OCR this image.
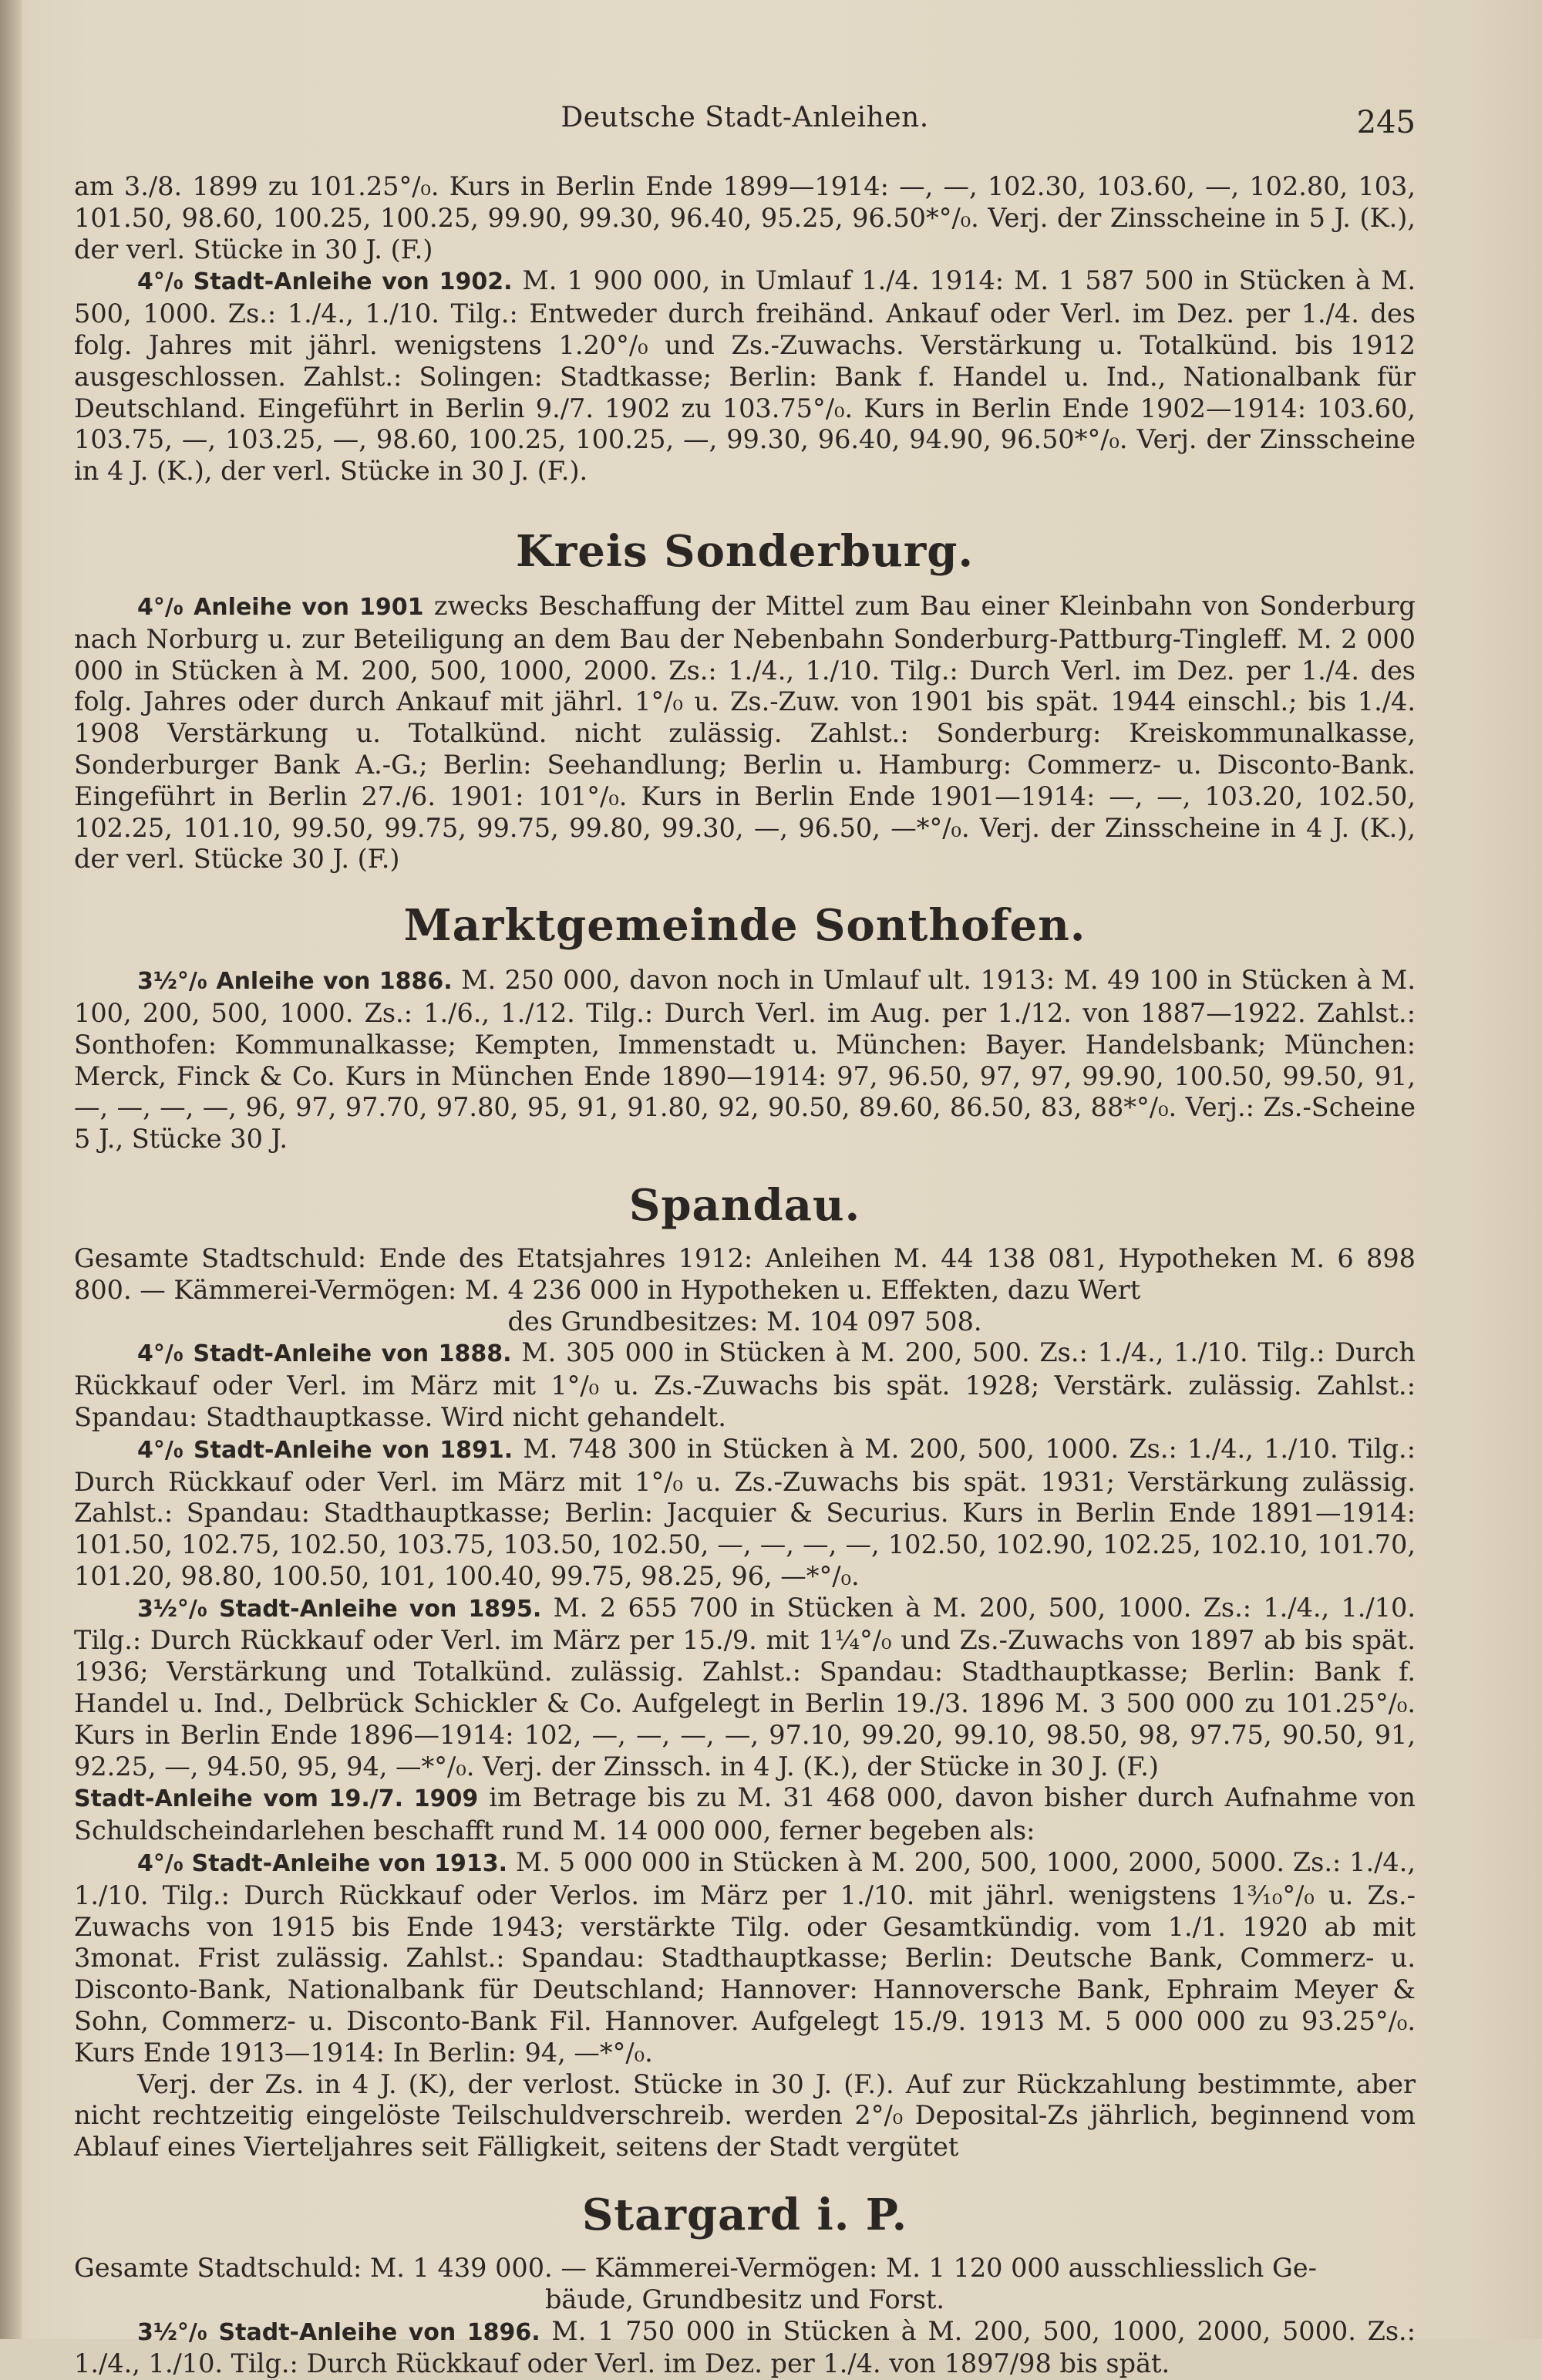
Deutsche Stadt-Anleihen.	245

am 3./8. 1899 zu 101.25°/₀. Kurs in Berlin Ende 1899—1914: —, —, 102.30, 103.60, —, 102.80, 103, 101.50, 98.60, 100.25, 100.25, 99.90, 99.30, 96.40, 95.25, 96.50*°/₀. Verj. der Zinsscheine in 5 J. (K.), der verl. Stücke in 30 J. (F.)

4°/₀ Stadt-Anleihe von 1902. M. 1 900 000, in Umlauf 1./4. 1914: M. 1 587 500 in Stücken à M. 500, 1000. Zs.: 1./4., 1./10. Tilg.: Entweder durch freihänd. Ankauf oder Verl. im Dez. per 1./4. des folg. Jahres mit jährl. wenigstens 1.20°/₀ und Zs.-Zuwachs. Verstärkung u. Totalkünd. bis 1912 ausgeschlossen. Zahlst.: Solingen: Stadtkasse; Berlin: Bank f. Handel u. Ind., Nationalbank für Deutschland. Eingeführt in Berlin 9./7. 1902 zu 103.75°/₀. Kurs in Berlin Ende 1902—1914: 103.60, 103.75, —, 103.25, —, 98.60, 100.25, 100.25, —, 99.30, 96.40, 94.90, 96.50*°/₀. Verj. der Zinsscheine in 4 J. (K.), der verl. Stücke in 30 J. (F.).

Kreis Sonderburg.

4°/₀ Anleihe von 1901 zwecks Beschaffung der Mittel zum Bau einer Kleinbahn von Sonderburg nach Norburg u. zur Beteiligung an dem Bau der Nebenbahn Sonderburg-Pattburg-Tingleff. M. 2 000 000 in Stücken à M. 200, 500, 1000, 2000. Zs.: 1./4., 1./10. Tilg.: Durch Verl. im Dez. per 1./4. des folg. Jahres oder durch Ankauf mit jährl. 1°/₀ u. Zs.-Zuw. von 1901 bis spät. 1944 einschl.; bis 1./4. 1908 Verstärkung u. Totalkünd. nicht zulässig. Zahlst.: Sonderburg: Kreiskommunalkasse, Sonderburger Bank A.-G.; Berlin: Seehandlung; Berlin u. Hamburg: Commerz- u. Disconto-Bank. Eingeführt in Berlin 27./6. 1901: 101°/₀. Kurs in Berlin Ende 1901—1914: —, —, 103.20, 102.50, 102.25, 101.10, 99.50, 99.75, 99.75, 99.80, 99.30, —, 96.50, —*°/₀. Verj. der Zinsscheine in 4 J. (K.), der verl. Stücke 30 J. (F.)

Marktgemeinde Sonthofen.

3½°/₀ Anleihe von 1886. M. 250 000, davon noch in Umlauf ult. 1913: M. 49 100 in Stücken à M. 100, 200, 500, 1000. Zs.: 1./6., 1./12. Tilg.: Durch Verl. im Aug. per 1./12. von 1887—1922. Zahlst.: Sonthofen: Kommunalkasse; Kempten, Immenstadt u. München: Bayer. Handelsbank; München: Merck, Finck & Co. Kurs in München Ende 1890—1914: 97, 96.50, 97, 97, 99.90, 100.50, 99.50, 91, —, —, —, —, 96, 97, 97.70, 97.80, 95, 91, 91.80, 92, 90.50, 89.60, 86.50, 83, 88*°/₀. Verj.: Zs.-Scheine 5 J., Stücke 30 J.

Spandau.

Gesamte Stadtschuld: Ende des Etatsjahres 1912: Anleihen M. 44 138 081, Hypotheken M. 6 898 800. — Kämmerei-Vermögen: M. 4 236 000 in Hypotheken u. Effekten, dazu Wert

des Grundbesitzes: M. 104 097 508.

4°/₀ Stadt-Anleihe von 1888. M. 305 000 in Stücken à M. 200, 500. Zs.: 1./4., 1./10. Tilg.: Durch Rückkauf oder Verl. im März mit 1°/₀ u. Zs.-Zuwachs bis spät. 1928; Verstärk. zulässig. Zahlst.: Spandau: Stadthauptkasse. Wird nicht gehandelt.

4°/₀ Stadt-Anleihe von 1891. M. 748 300 in Stücken à M. 200, 500, 1000. Zs.: 1./4., 1./10. Tilg.: Durch Rückkauf oder Verl. im März mit 1°/₀ u. Zs.-Zuwachs bis spät. 1931; Verstärkung zulässig. Zahlst.: Spandau: Stadthauptkasse; Berlin: Jacquier & Securius. Kurs in Berlin Ende 1891—1914: 101.50, 102.75, 102.50, 103.75, 103.50, 102.50, —, —, —, —, 102.50, 102.90, 102.25, 102.10, 101.70, 101.20, 98.80, 100.50, 101, 100.40, 99.75, 98.25, 96, —*°/₀.

3½°/₀ Stadt-Anleihe von 1895. M. 2 655 700 in Stücken à M. 200, 500, 1000. Zs.: 1./4., 1./10. Tilg.: Durch Rückkauf oder Verl. im März per 15./9. mit 1¼°/₀ und Zs.-Zuwachs von 1897 ab bis spät. 1936; Verstärkung und Totalkünd. zulässig. Zahlst.: Spandau: Stadthauptkasse; Berlin: Bank f. Handel u. Ind., Delbrück Schickler & Co. Aufgelegt in Berlin 19./3. 1896 M. 3 500 000 zu 101.25°/₀. Kurs in Berlin Ende 1896—1914: 102, —, —, —, —, 97.10, 99.20, 99.10, 98.50, 98, 97.75, 90.50, 91, 92.25, —, 94.50, 95, 94, —*°/₀. Verj. der Zinssch. in 4 J. (K.), der Stücke in 30 J. (F.)

Stadt-Anleihe vom 19./7. 1909 im Betrage bis zu M. 31 468 000, davon bisher durch Aufnahme von Schuldscheindarlehen beschafft rund M. 14 000 000, ferner begeben als:

4°/₀ Stadt-Anleihe von 1913. M. 5 000 000 in Stücken à M. 200, 500, 1000, 2000, 5000. Zs.: 1./4., 1./10. Tilg.: Durch Rückkauf oder Verlos. im März per 1./10. mit jährl. wenigstens 1³⁄₁₀°/₀ u. Zs.-Zuwachs von 1915 bis Ende 1943; verstärkte Tilg. oder Gesamtkündig. vom 1./1. 1920 ab mit 3monat. Frist zulässig. Zahlst.: Spandau: Stadthauptkasse; Berlin: Deutsche Bank, Commerz- u. Disconto-Bank, Nationalbank für Deutschland; Hannover: Hannoversche Bank, Ephraim Meyer & Sohn, Commerz- u. Disconto-Bank Fil. Hannover. Aufgelegt 15./9. 1913 M. 5 000 000 zu 93.25°/₀. Kurs Ende 1913—1914: In Berlin: 94, —*°/₀.

Verj. der Zs. in 4 J. (K), der verlost. Stücke in 30 J. (F.). Auf zur Rückzahlung bestimmte, aber nicht rechtzeitig eingelöste Teilschuldverschreib. werden 2°/₀ Deposital-Zs jährlich, beginnend vom Ablauf eines Vierteljahres seit Fälligkeit, seitens der Stadt vergütet

Stargard i. P.

Gesamte Stadtschuld: M. 1 439 000. — Kämmerei-Vermögen: M. 1 120 000 ausschliesslich Ge-

bäude, Grundbesitz und Forst.

3½°/₀ Stadt-Anleihe von 1896. M. 1 750 000 in Stücken à M. 200, 500, 1000, 2000, 5000. Zs.: 1./4., 1./10. Tilg.: Durch Rückkauf oder Verl. im Dez. per 1./4. von 1897/98 bis spät.
